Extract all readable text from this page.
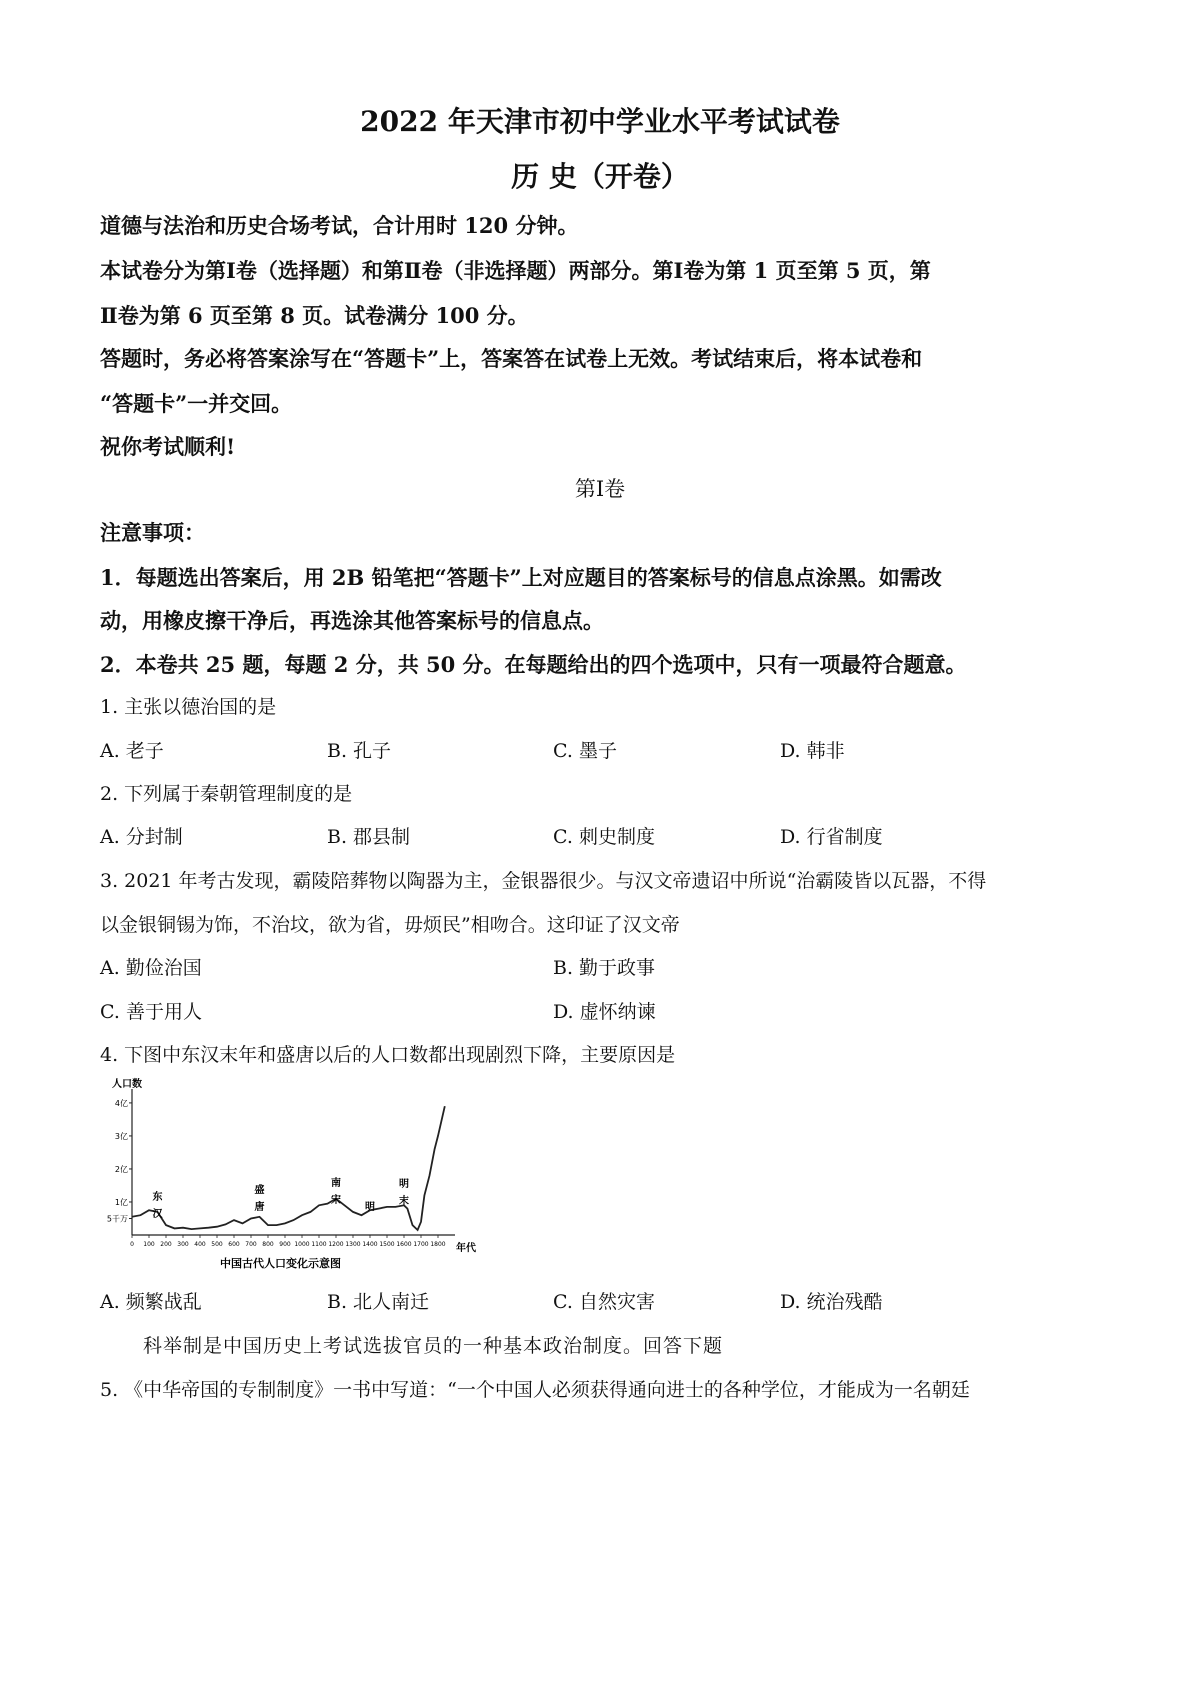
2022 年天津市初中学业水平考试试卷
历 史（开卷）
道德与法治和历史合场考试，合计用时 120 分钟。
本试卷分为第Ⅰ卷（选择题）和第Ⅱ卷（非选择题）两部分。第Ⅰ卷为第 1 页至第 5 页，第
Ⅱ卷为第 6 页至第 8 页。试卷满分 100 分。
答题时，务必将答案涂写在“答题卡”上，答案答在试卷上无效。考试结束后，将本试卷和
“答题卡”一并交回。
祝你考试顺利!
第Ⅰ卷
注意事项：
1．每题选出答案后，用 2B 铅笔把“答题卡”上对应题目的答案标号的信息点涂黑。如需改
动，用橡皮擦干净后，再选涂其他答案标号的信息点。
2．本卷共 25 题，每题 2 分，共 50 分。在每题给出的四个选项中，只有一项最符合题意。
1. 主张以德治国的是
A. 老子	B. 孔子	C. 墨子	D. 韩非
2. 下列属于秦朝管理制度的是
A. 分封制	B. 郡县制	C. 刺史制度	D. 行省制度
3. 2021 年考古发现，霸陵陪葬物以陶器为主，金银器很少。与汉文帝遗诏中所说“治霸陵皆以瓦器，不得
以金银铜锡为饰，不治坟，欲为省，毋烦民”相吻合。这印证了汉文帝
A. 勤俭治国	B. 勤于政事
C. 善于用人	D. 虚怀纳谏
4. 下图中东汉末年和盛唐以后的人口数都出现剧烈下降，主要原因是
人口数
4亿
3亿
2亿
1亿
5千万
0 100 200 300 400 500 600 700 800 900 1000 1100 1200 1300 1400 1500 1600 1700 1800
东汉
盛唐
南宋
明
明末
年代
中国古代人口变化示意图
A. 频繁战乱	B. 北人南迁	C. 自然灾害	D. 统治残酷
科举制是中国历史上考试选拔官员的一种基本政治制度。回答下题
5. 《中华帝国的专制制度》一书中写道：“一个中国人必须获得通向进士的各种学位，才能成为一名朝廷
